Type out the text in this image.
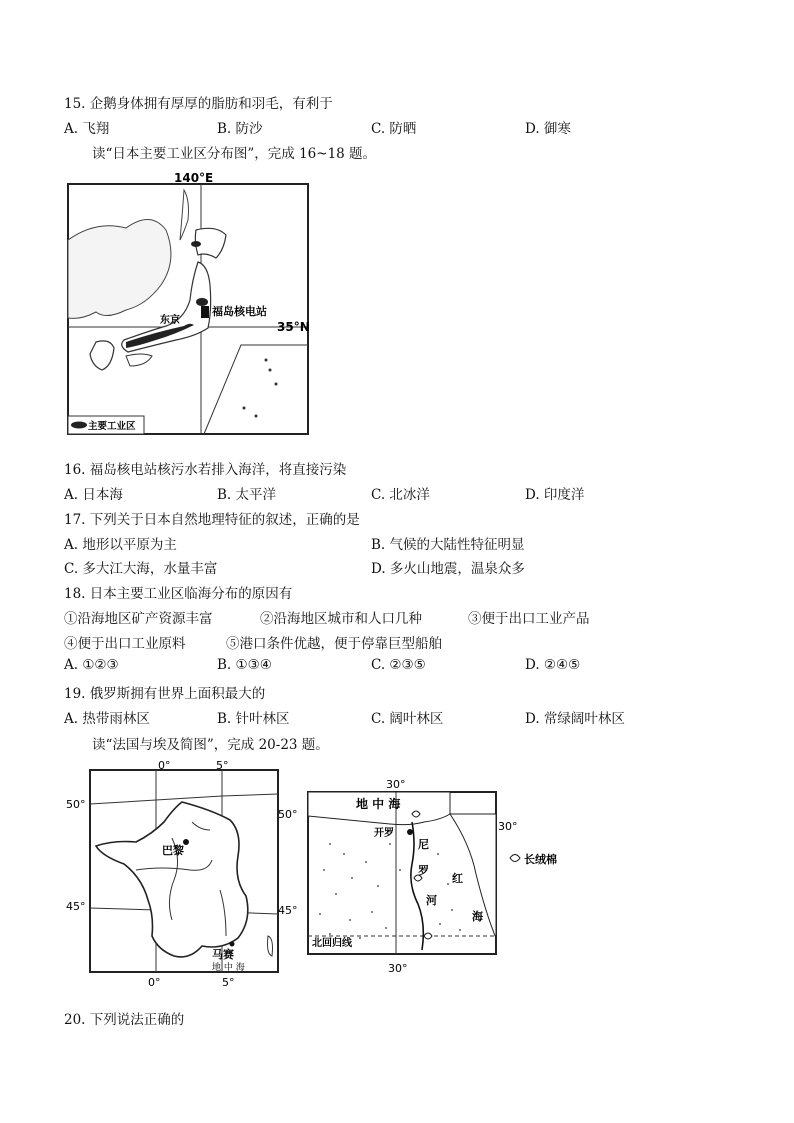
15. 企鹅身体拥有厚厚的脂肪和羽毛，有利于
A. 飞翔	B. 防沙	C. 防晒	D. 御寒
读“日本主要工业区分布图”，完成 16~18 题。
140°E
35°N
东京
福岛核电站
主要工业区
16. 福岛核电站核污水若排入海洋，将直接污染
A. 日本海	B. 太平洋	C. 北冰洋	D. 印度洋
17. 下列关于日本自然地理特征的叙述，正确的是
A. 地形以平原为主	B. 气候的大陆性特征明显
C. 多大江大海，水量丰富	D. 多火山地震，温泉众多
18. 日本主要工业区临海分布的原因有
①沿海地区矿产资源丰富	②沿海地区城市和人口几种	③便于出口工业产品
④便于出口工业原料	⑤港口条件优越，便于停靠巨型船舶
A. ①②③	B. ①③④	C. ②③⑤	D. ②④⑤
19. 俄罗斯拥有世界上面积最大的
A. 热带雨林区	B. 针叶林区	C. 阔叶林区	D. 常绿阔叶林区
读“法国与埃及简图”，完成 20-23 题。
0°	5°
50°
50°
45°	45°
0°	5°
巴黎
马赛
地 中 海
30°
30°
地 中 海
开罗
尼
罗
河
红
海
北回归线
30°
长绒棉
20. 下列说法正确的
